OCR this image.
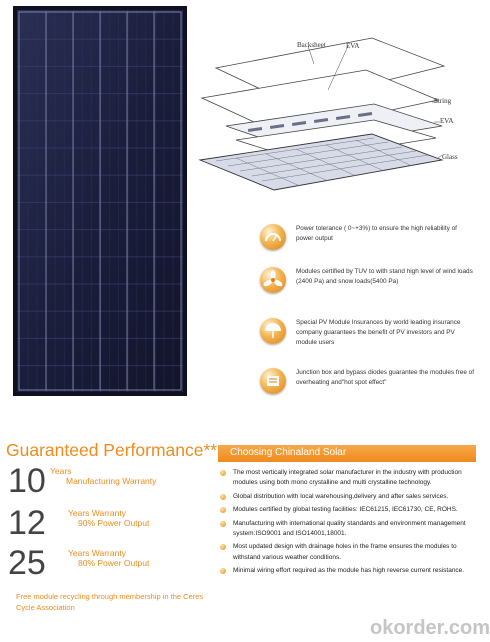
Backsheet	EVA
String
EVA
Glass
Power tolerance ( 0~+3%) to ensure the high reliability of power output
Modules certified by TUV to with stand high level of wind loads (2400 Pa) and snow loads(5400 Pa)
Special PV Module Insurances by world leading insurance company guarantees the benefit of PV investors and PV module users
Junction box and bypass diodes guarantee the modules free of overheating and"hot spot effect"
Guaranteed Performance**
10 Years
Manufacturing Warranty
12	Years Warranty
90% Power Output
25	Years Warranty
80% Power Output
Free module recycling through membership in the Ceres Cycle Association
Choosing Chinaland Solar
The most vertically integrated solar manufacturer in the industry with production modules using both mono crystalline and multi crystalline technology.
Global distribution with local warehousing,delivery and after sales services.
Modules certified by global testing facilities: IEC61215, IEC61730, CE, ROHS.
Manufacturing with international quality standards and environment management system:ISO9001 and ISO14001,18001.
Most updated design with drainage holes in the frame ensures the modules to withstand various weather conditions.
Minimal wiring effort required as the module has high reverse current resistance.
okorder.com
